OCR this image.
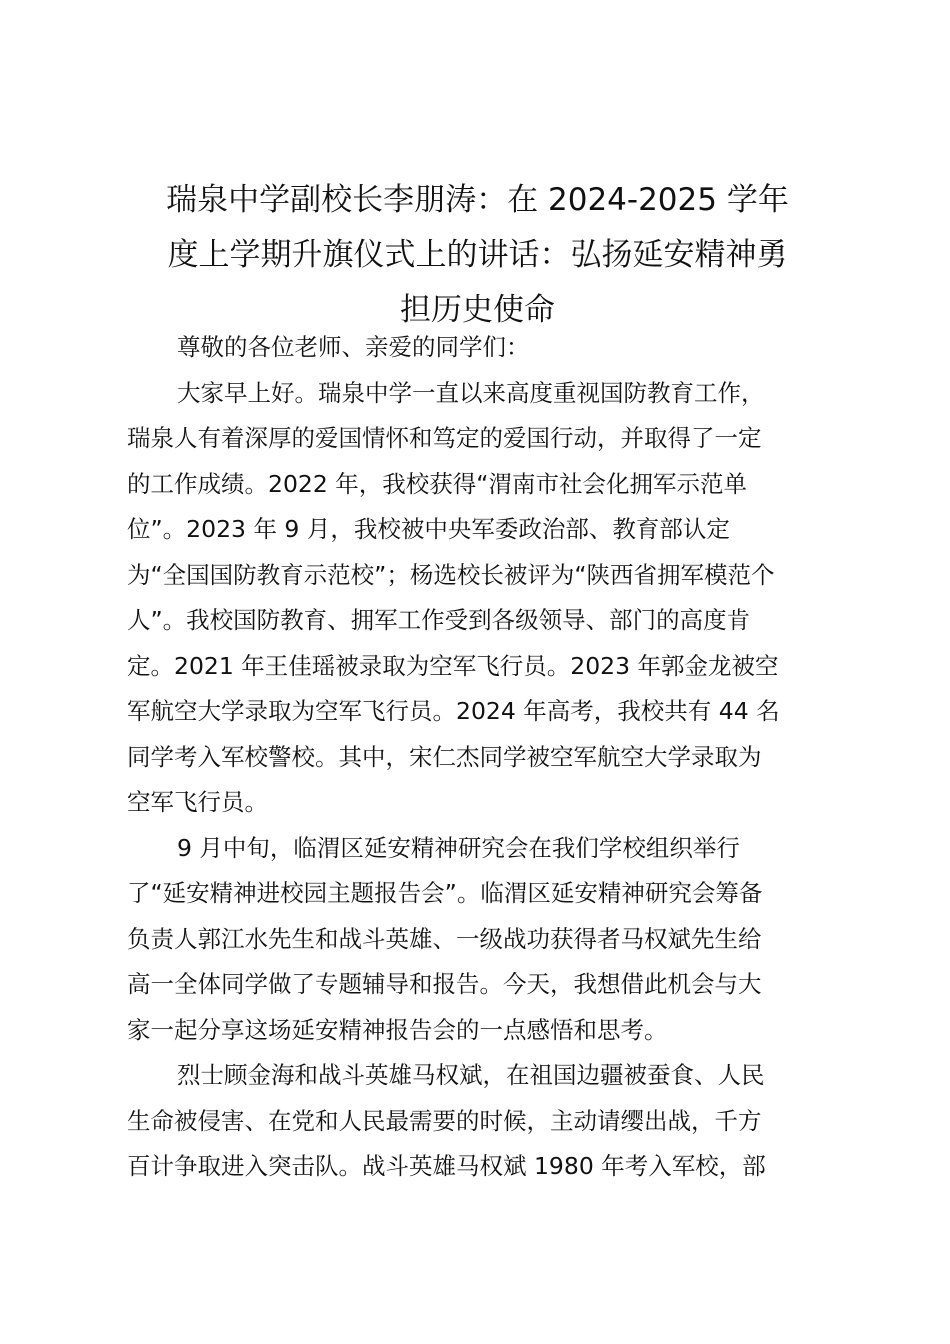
瑞泉中学副校长李朋涛：在 2024-2025 学年
度上学期升旗仪式上的讲话：弘扬延安精神勇
担历史使命
尊敬的各位老师、亲爱的同学们：
大家早上好。瑞泉中学一直以来高度重视国防教育工作，
瑞泉人有着深厚的爱国情怀和笃定的爱国行动，并取得了一定
的工作成绩。2022 年，我校获得“渭南市社会化拥军示范单
位”。2023 年 9 月，我校被中央军委政治部、教育部认定
为“全国国防教育示范校”；杨选校长被评为“陕西省拥军模范个
人”。我校国防教育、拥军工作受到各级领导、部门的高度肯
定。2021 年王佳瑶被录取为空军飞行员。2023 年郭金龙被空
军航空大学录取为空军飞行员。2024 年高考，我校共有 44 名
同学考入军校警校。其中，宋仁杰同学被空军航空大学录取为
空军飞行员。
9 月中旬，临渭区延安精神研究会在我们学校组织举行
了“延安精神进校园主题报告会”。临渭区延安精神研究会筹备
负责人郭江水先生和战斗英雄、一级战功获得者马权斌先生给
高一全体同学做了专题辅导和报告。今天，我想借此机会与大
家一起分享这场延安精神报告会的一点感悟和思考。
烈士顾金海和战斗英雄马权斌，在祖国边疆被蚕食、人民
生命被侵害、在党和人民最需要的时候，主动请缨出战，千方
百计争取进入突击队。战斗英雄马权斌 1980 年考入军校，部
